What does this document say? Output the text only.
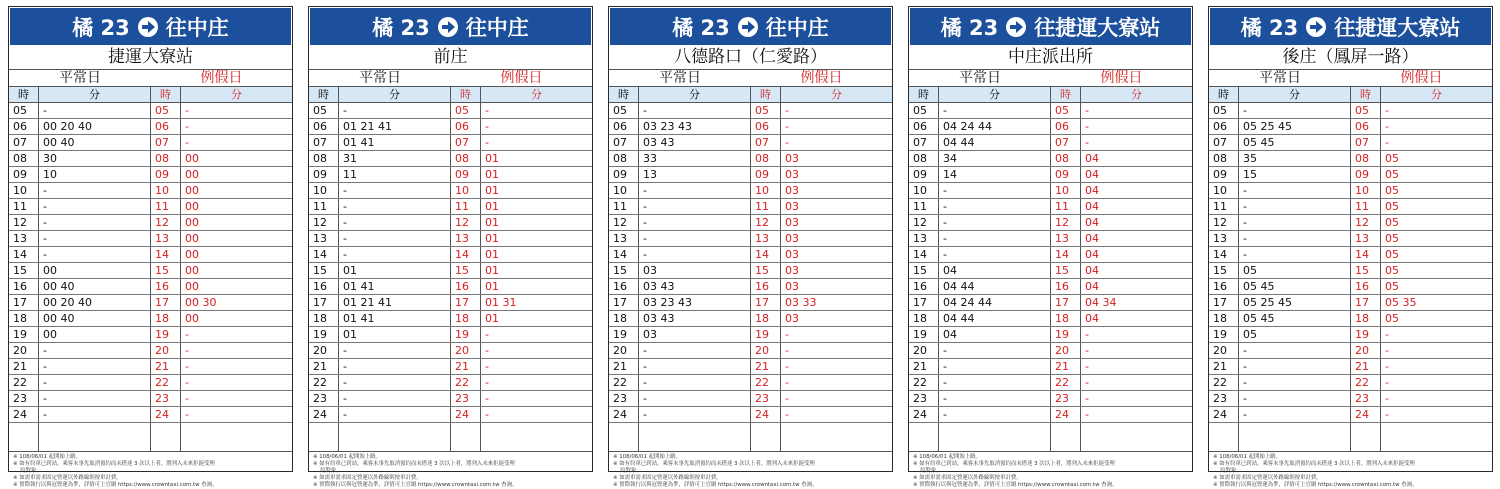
橘 23 往中庄
捷運大寮站
平常日	例假日
時	分	時	分
05	-	05	-
06	00 20 40	06	-
07	00 40	07	-
08	30	08	00
09	10	09	00
10	-	10	00
11	-	11	00
12	-	12	00
13	-	13	00
14	-	14	00
15	00	15	00
16	00 40	16	00
17	00 20 40	17	00 30
18	00 40	18	00
19	00	19	-
20	-	20	-
21	-	21	-
22	-	22	-
23	-	23	-
24	-	24	-
※ 108/06/01 起開始上路。
※ 如有約車已到站，乘客未事先取消預約而未搭達 3 次以上者，將列入未來拒絕受理
　 約對象。
※ 如需車需求固定營運以外路線則按車計費。
※ 實際執行以與冠營運為準，詳情可上官網 https://www.crowntaxi.com.tw 查詢。
橘 23 往中庄
前庄
平常日	例假日
時	分	時	分
05	-	05	-
06	01 21 41	06	-
07	01 41	07	-
08	31	08	01
09	11	09	01
10	-	10	01
11	-	11	01
12	-	12	01
13	-	13	01
14	-	14	01
15	01	15	01
16	01 41	16	01
17	01 21 41	17	01 31
18	01 41	18	01
19	01	19	-
20	-	20	-
21	-	21	-
22	-	22	-
23	-	23	-
24	-	24	-
※ 108/06/01 起開始上路。
※ 如有約車已到站，乘客未事先取消預約而未搭達 3 次以上者，將列入未來拒絕受理
　 約對象。
※ 如需車需求固定營運以外路線則按車計費。
※ 實際執行以與冠營運為準，詳情可上官網 https://www.crowntaxi.com.tw 查詢。
橘 23 往中庄
八德路口（仁愛路）
平常日	例假日
時	分	時	分
05	-	05	-
06	03 23 43	06	-
07	03 43	07	-
08	33	08	03
09	13	09	03
10	-	10	03
11	-	11	03
12	-	12	03
13	-	13	03
14	-	14	03
15	03	15	03
16	03 43	16	03
17	03 23 43	17	03 33
18	03 43	18	03
19	03	19	-
20	-	20	-
21	-	21	-
22	-	22	-
23	-	23	-
24	-	24	-
※ 108/06/01 起開始上路。
※ 如有約車已到站，乘客未事先取消預約而未搭達 3 次以上者，將列入未來拒絕受理
　 約對象。
※ 如需車需求固定營運以外路線則按車計費。
※ 實際執行以與冠營運為準，詳情可上官網 https://www.crowntaxi.com.tw 查詢。
橘 23 往捷運大寮站
中庄派出所
平常日	例假日
時	分	時	分
05	-	05	-
06	04 24 44	06	-
07	04 44	07	-
08	34	08	04
09	14	09	04
10	-	10	04
11	-	11	04
12	-	12	04
13	-	13	04
14	-	14	04
15	04	15	04
16	04 44	16	04
17	04 24 44	17	04 34
18	04 44	18	04
19	04	19	-
20	-	20	-
21	-	21	-
22	-	22	-
23	-	23	-
24	-	24	-
※ 108/06/01 起開始上路。
※ 如有約車已到站，乘客未事先取消預約而未搭達 3 次以上者，將列入未來拒絕受理
　 約對象。
※ 如需車需求固定營運以外路線則按車計費。
※ 實際執行以與冠營運為準，詳情可上官網 https://www.crowntaxi.com.tw 查詢。
橘 23 往捷運大寮站
後庄（鳳屏一路）
平常日	例假日
時	分	時	分
05	-	05	-
06	05 25 45	06	-
07	05 45	07	-
08	35	08	05
09	15	09	05
10	-	10	05
11	-	11	05
12	-	12	05
13	-	13	05
14	-	14	05
15	05	15	05
16	05 45	16	05
17	05 25 45	17	05 35
18	05 45	18	05
19	05	19	-
20	-	20	-
21	-	21	-
22	-	22	-
23	-	23	-
24	-	24	-
※ 108/06/01 起開始上路。
※ 如有約車已到站，乘客未事先取消預約而未搭達 3 次以上者，將列入未來拒絕受理
　 約對象。
※ 如需車需求固定營運以外路線則按車計費。
※ 實際執行以與冠營運為準，詳情可上官網 https://www.crowntaxi.com.tw 查詢。
